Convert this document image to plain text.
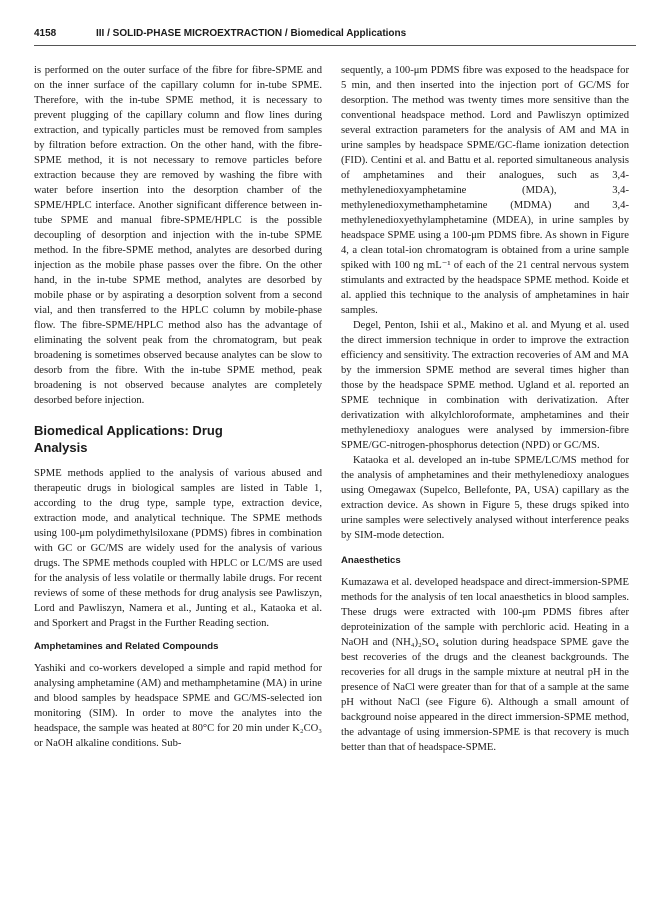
4158	III / SOLID-PHASE MICROEXTRACTION / Biomedical Applications

is performed on the outer surface of the fibre for fibre-SPME and on the inner surface of the capillary column for in-tube SPME. Therefore, with the in-tube SPME method, it is necessary to prevent plugging of the capillary column and flow lines during extraction, and typically particles must be removed from samples by filtration before extraction. On the other hand, with the fibre-SPME method, it is not necessary to remove particles before extraction because they are removed by washing the fibre with water before insertion into the desorption chamber of the SPME/HPLC interface. Another significant difference between in-tube SPME and manual fibre-SPME/HPLC is the possible decoupling of desorption and injection with the in-tube SPME method. In the fibre-SPME method, analytes are desorbed during injection as the mobile phase passes over the fibre. On the other hand, in the in-tube SPME method, analytes are desorbed by mobile phase or by aspirating a desorption solvent from a second vial, and then transferred to the HPLC column by mobile-phase flow. The fibre-SPME/HPLC method also has the advantage of eliminating the solvent peak from the chromatogram, but peak broadening is sometimes observed because analytes can be slow to desorb from the fibre. With the in-tube SPME method, peak broadening is not observed because analytes are completely desorbed before injection.

Biomedical Applications: Drug
Analysis

SPME methods applied to the analysis of various abused and therapeutic drugs in biological samples are listed in Table 1, according to the drug type, sample type, extraction device, extraction mode, and analytical technique. The SPME methods using 100-μm polydimethylsiloxane (PDMS) fibres in combination with GC or GC/MS are widely used for the analysis of various drugs. The SPME methods coupled with HPLC or LC/MS are used for the analysis of less volatile or thermally labile drugs. For recent reviews of some of these methods for drug analysis see Pawliszyn, Lord and Pawliszyn, Namera et al., Junting et al., Kataoka et al. and Sporkert and Pragst in the Further Reading section.

Amphetamines and Related Compounds

Yashiki and co-workers developed a simple and rapid method for analysing amphetamine (AM) and methamphetamine (MA) in urine and blood samples by headspace SPME and GC/MS-selected ion monitoring (SIM). In order to move the analytes into the headspace, the sample was heated at 80°C for 20 min under K₂CO₃ or NaOH alkaline conditions. Sub-

sequently, a 100-μm PDMS fibre was exposed to the headspace for 5 min, and then inserted into the injection port of GC/MS for desorption. The method was twenty times more sensitive than the conventional headspace method. Lord and Pawliszyn optimized several extraction parameters for the analysis of AM and MA in urine samples by headspace SPME/GC-flame ionization detection (FID). Centini et al. and Battu et al. reported simultaneous analysis of amphetamines and their analogues, such as 3,4-methylenedioxyamphetamine (MDA), 3,4-methylenedioxymethamphetamine (MDMA) and 3,4-methylenedioxyethylamphetamine (MDEA), in urine samples by headspace SPME using a 100-μm PDMS fibre. As shown in Figure 4, a clean total-ion chromatogram is obtained from a urine sample spiked with 100 ng mL⁻¹ of each of the 21 central nervous system stimulants and extracted by the headspace SPME method. Koide et al. applied this technique to the analysis of amphetamines in hair samples.

Degel, Penton, Ishii et al., Makino et al. and Myung et al. used the direct immersion technique in order to improve the extraction efficiency and sensitivity. The extraction recoveries of AM and MA by the immersion SPME method are several times higher than those by the headspace SPME method. Ugland et al. reported an SPME technique in combination with derivatization. After derivatization with alkylchloroformate, amphetamines and their methylenedioxy analogues were analysed by immersion-fibre SPME/GC-nitrogen-phosphorus detection (NPD) or GC/MS.

Kataoka et al. developed an in-tube SPME/LC/MS method for the analysis of amphetamines and their methylenedioxy analogues using Omegawax (Supelco, Bellefonte, PA, USA) capillary as the extraction device. As shown in Figure 5, these drugs spiked into urine samples were selectively analysed without interference peaks by SIM-mode detection.

Anaesthetics

Kumazawa et al. developed headspace and direct-immersion-SPME methods for the analysis of ten local anaesthetics in blood samples. These drugs were extracted with 100-μm PDMS fibres after deproteinization of the sample with perchloric acid. Heating in a NaOH and (NH₄)₂SO₄ solution during headspace SPME gave the best recoveries of the drugs and the cleanest backgrounds. The recoveries for all drugs in the sample mixture at neutral pH in the presence of NaCl were greater than for that of a sample at the same pH without NaCl (see Figure 6). Although a small amount of background noise appeared in the direct immersion-SPME method, the advantage of using immersion-SPME is that recovery is much better than that of headspace-SPME.
